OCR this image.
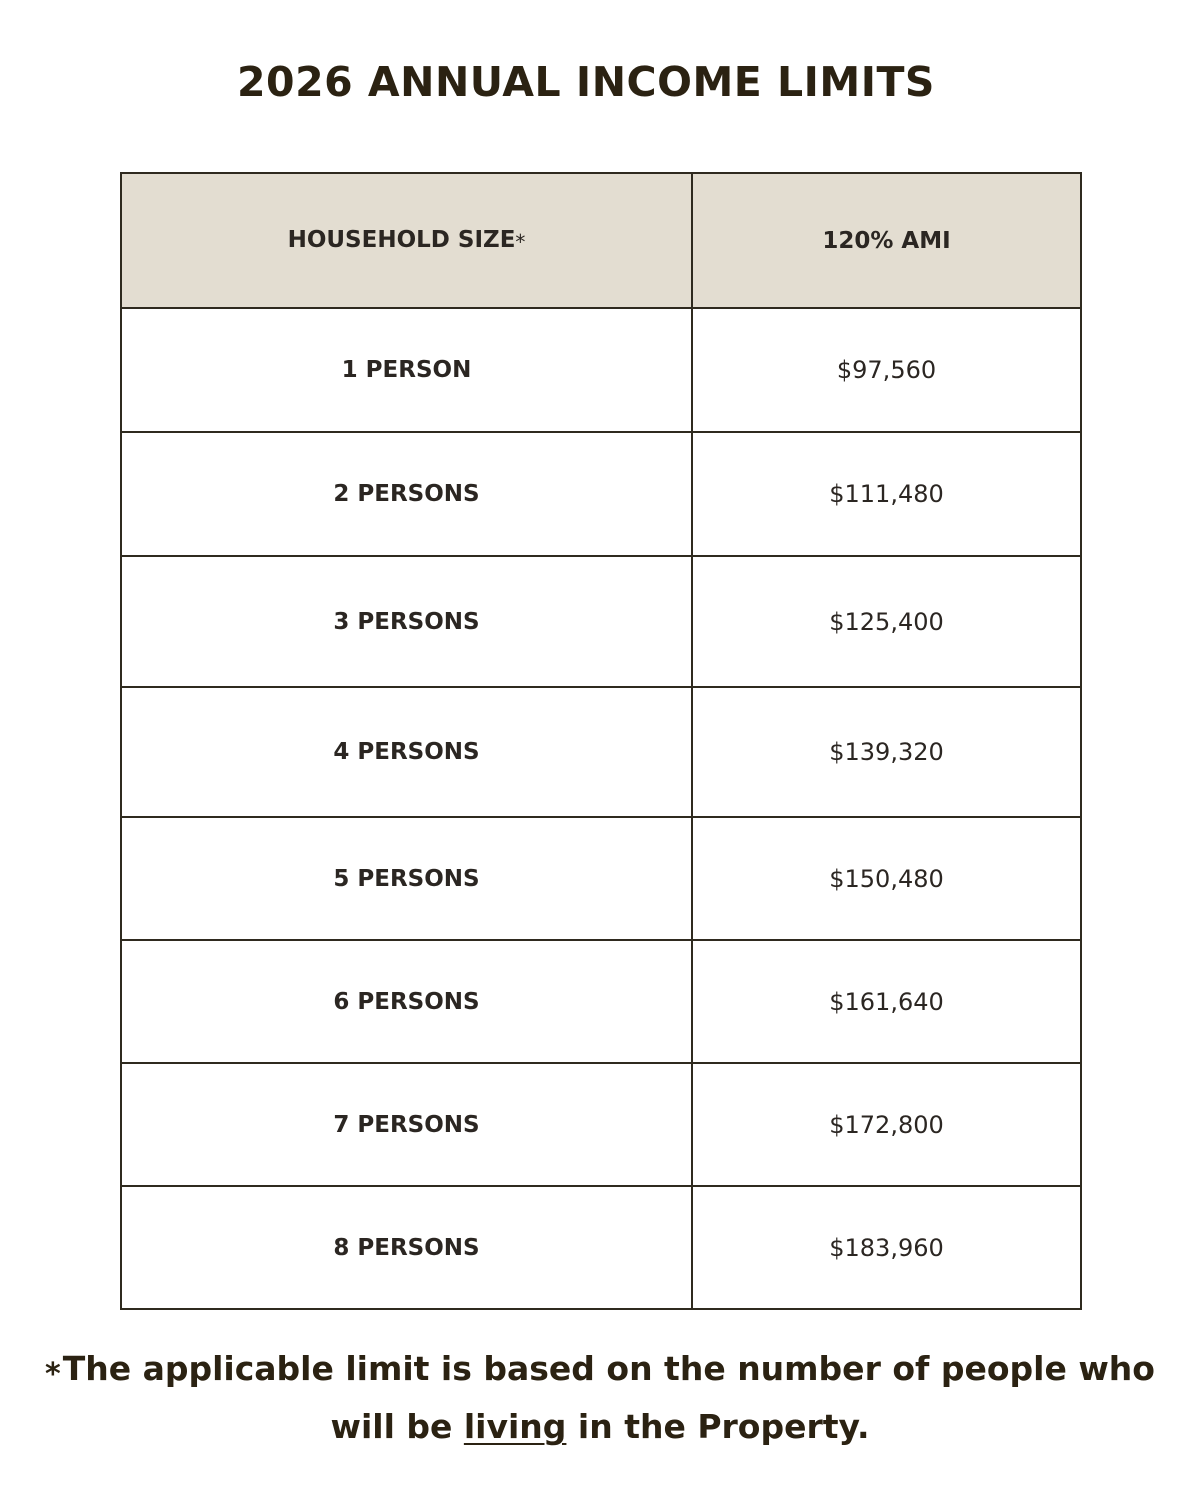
2026 ANNUAL INCOME LIMITS
HOUSEHOLD SIZE*	120% AMI
1 PERSON	$97,560
2 PERSONS	$111,480
3 PERSONS	$125,400
4 PERSONS	$139,320
5 PERSONS	$150,480
6 PERSONS	$161,640
7 PERSONS	$172,800
8 PERSONS	$183,960
*The applicable limit is based on the number of people who will be living in the Property.
